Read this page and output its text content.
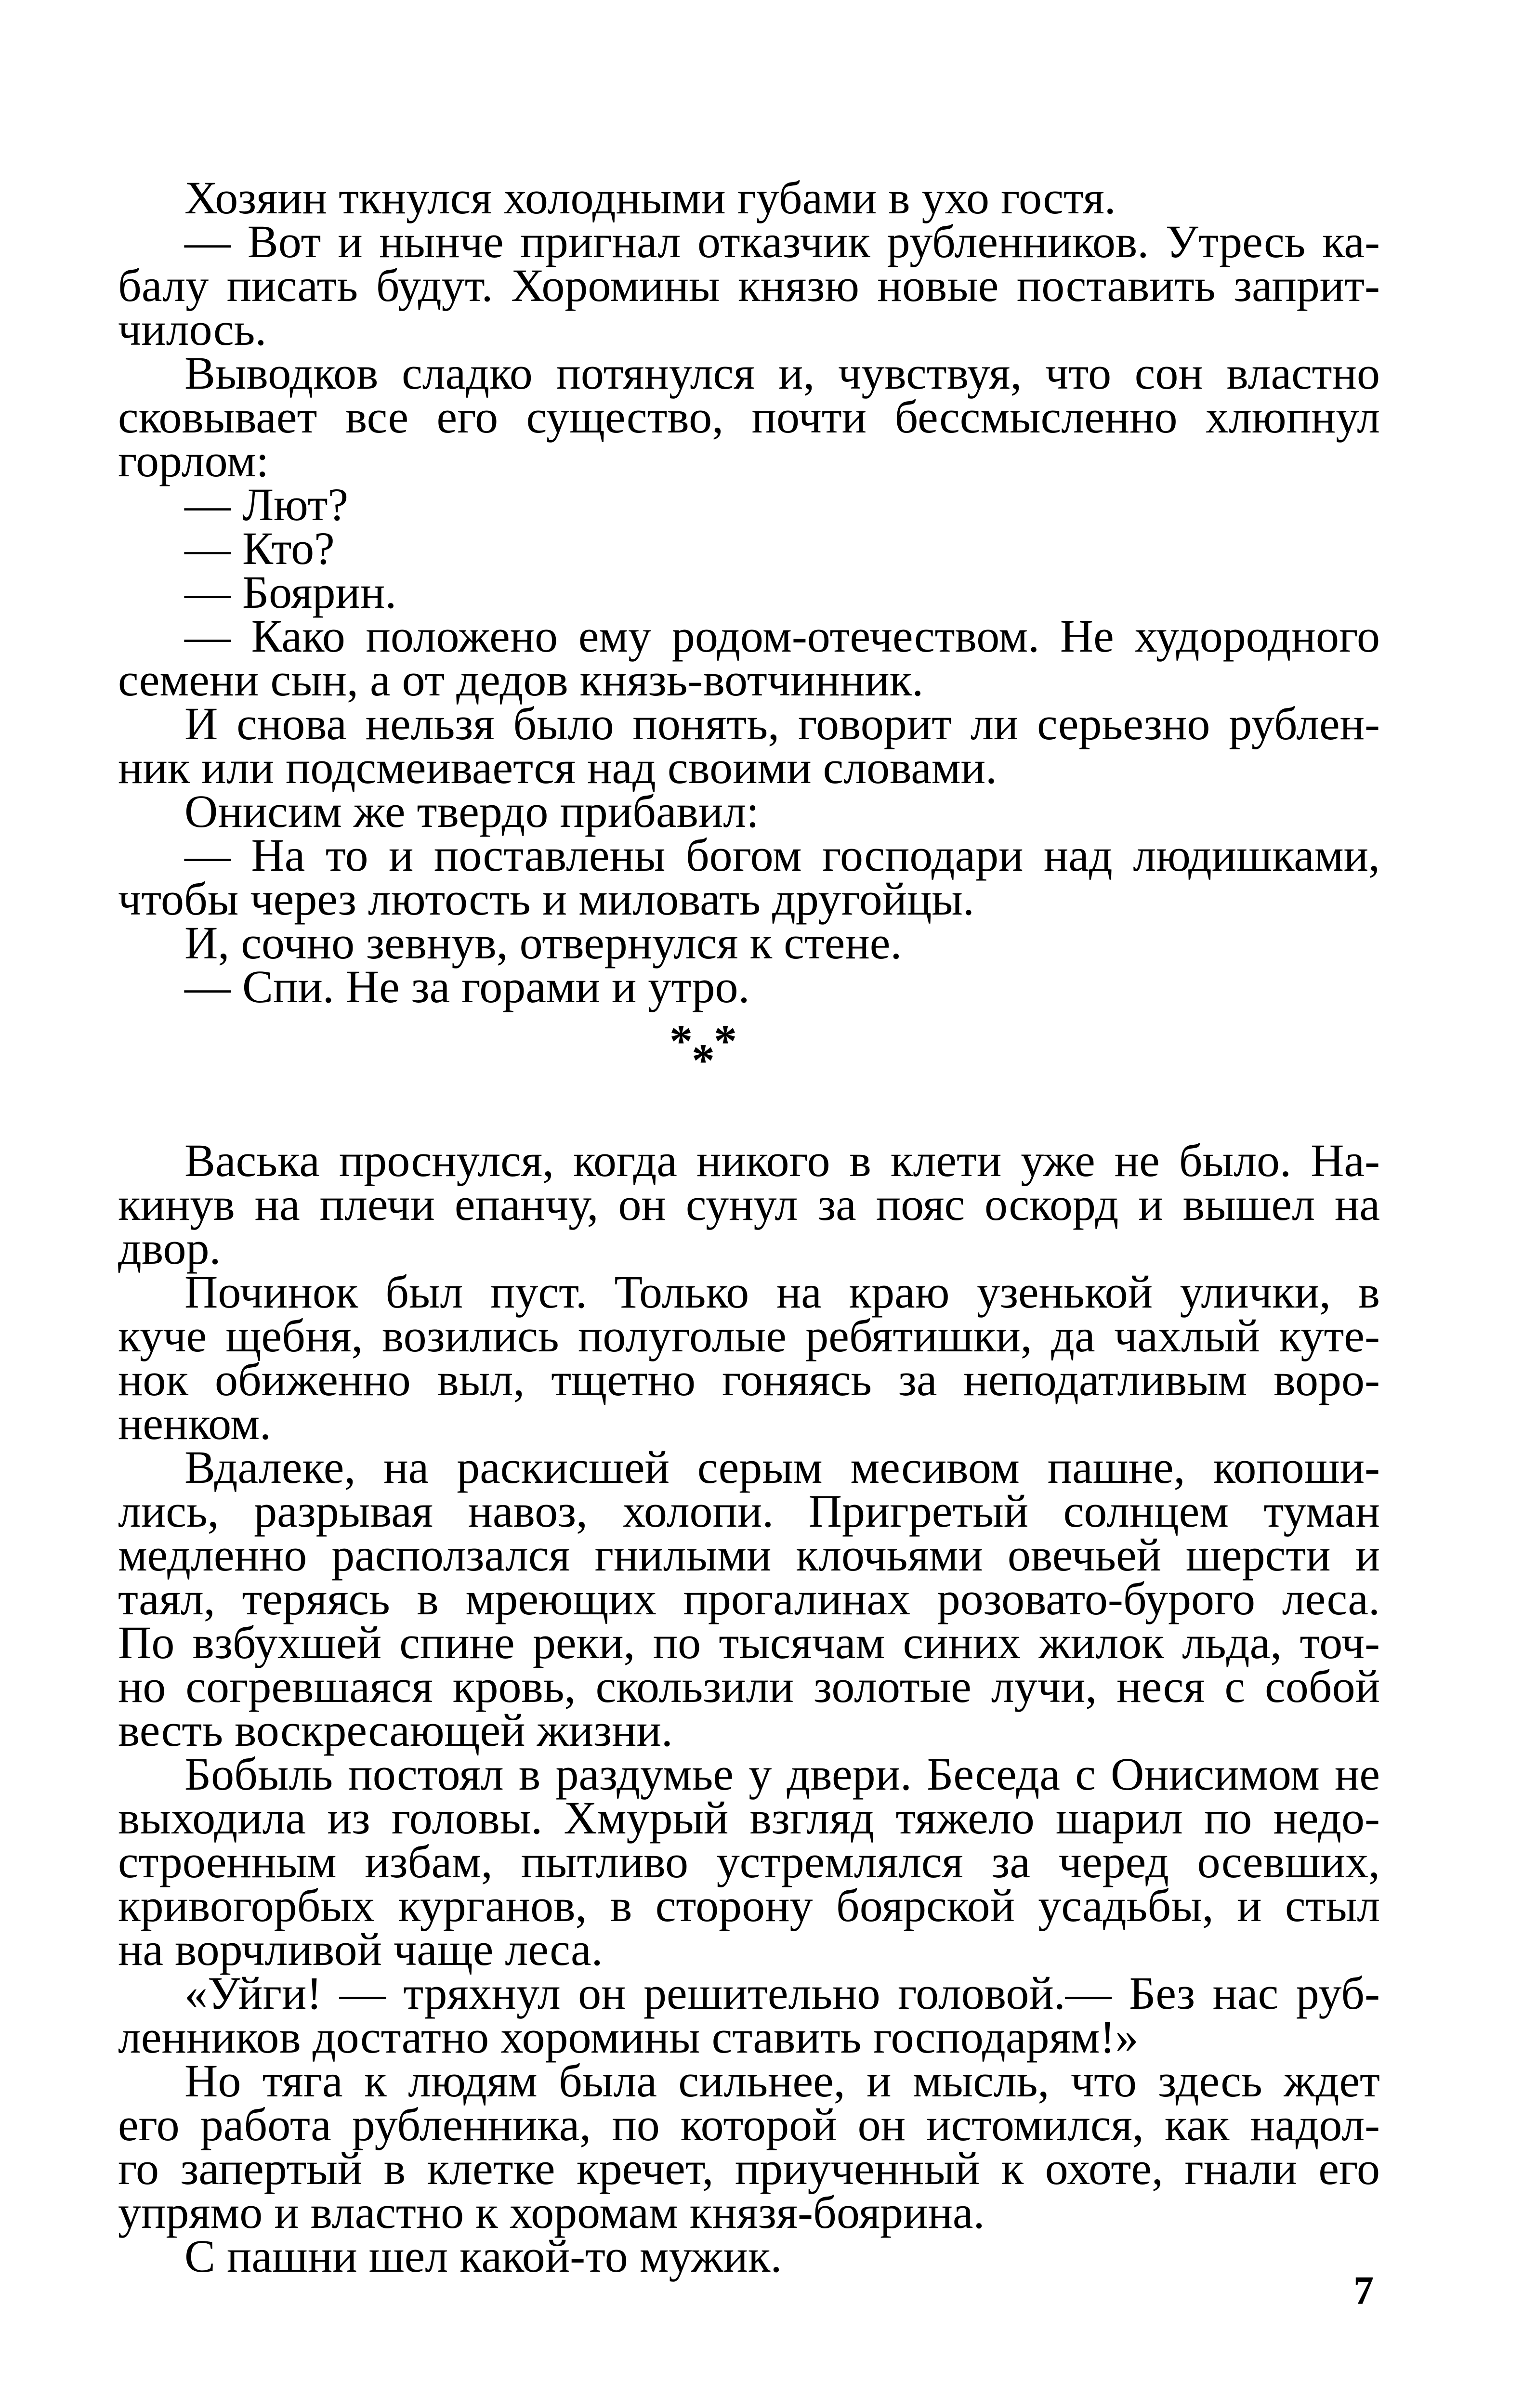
Хозяин ткнулся холодными губами в ухо гостя.
— Вот и нынче пригнал отказчик рубленников. Утресь ка-
балу писать будут. Хоромины князю новые поставить заприт-
чилось.
Выводков сладко потянулся и, чувствуя, что сон властно
сковывает все его существо, почти бессмысленно хлюпнул
горлом:
— Лют?
— Кто?
— Боярин.
— Како положено ему родом-отечеством. Не худородного
семени сын, а от дедов князь-вотчинник.
И снова нельзя было понять, говорит ли серьезно рублен-
ник или подсмеивается над своими словами.
Онисим же твердо прибавил:
— На то и поставлены богом господари над людишками,
чтобы через лютость и миловать другойцы.
И, сочно зевнув, отвернулся к стене.
— Спи. Не за горами и утро.
* *
*
Васька проснулся, когда никого в клети уже не было. На-
кинув на плечи епанчу, он сунул за пояс оскорд и вышел на
двор.
Починок был пуст. Только на краю узенькой улички, в
куче щебня, возились полуголые ребятишки, да чахлый куте-
нок обиженно выл, тщетно гоняясь за неподатливым воро-
ненком.
Вдалеке, на раскисшей серым месивом пашне, копоши-
лись, разрывая навоз, холопи. Пригретый солнцем туман
медленно расползался гнилыми клочьями овечьей шерсти и
таял, теряясь в мреющих прогалинах розовато-бурого леса.
По взбухшей спине реки, по тысячам синих жилок льда, точ-
но согревшаяся кровь, скользили золотые лучи, неся с собой
весть воскресающей жизни.
Бобыль постоял в раздумье у двери. Беседа с Онисимом не
выходила из головы. Хмурый взгляд тяжело шарил по недо-
строенным избам, пытливо устремлялся за черед осевших,
кривогорбых курганов, в сторону боярской усадьбы, и стыл
на ворчливой чаще леса.
«Уйги! — тряхнул он решительно головой.— Без нас руб-
ленников достатно хоромины ставить господарям!»
Но тяга к людям была сильнее, и мысль, что здесь ждет
его работа рубленника, по которой он истомился, как надол-
го запертый в клетке кречет, приученный к охоте, гнали его
упрямо и властно к хоромам князя-боярина.
С пашни шел какой-то мужик.
7
